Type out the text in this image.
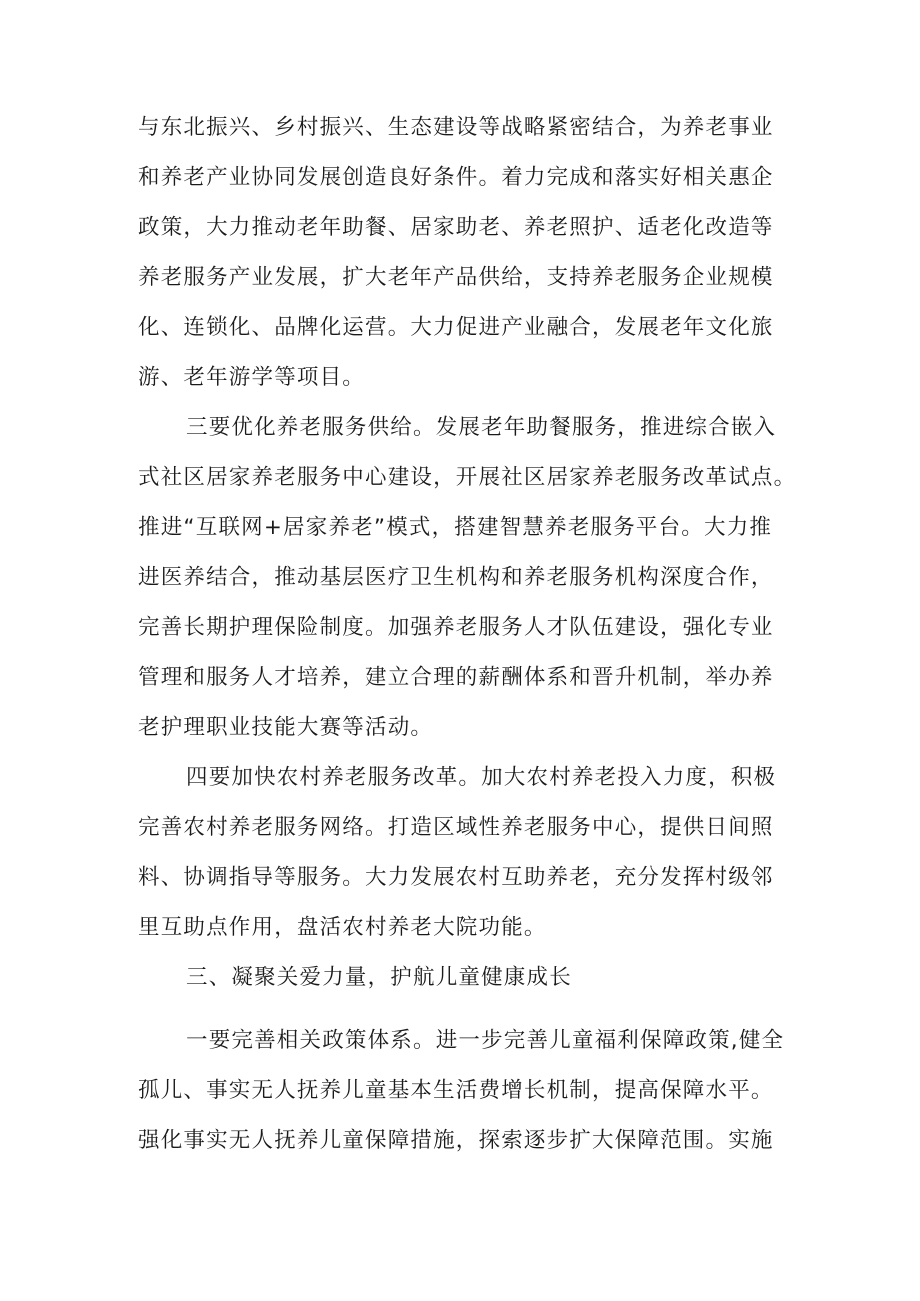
与东北振兴、乡村振兴、生态建设等战略紧密结合，为养老事业
和养老产业协同发展创造良好条件。着力完成和落实好相关惠企
政策，大力推动老年助餐、居家助老、养老照护、适老化改造等
养老服务产业发展，扩大老年产品供给，支持养老服务企业规模
化、连锁化、品牌化运营。大力促进产业融合，发展老年文化旅
游、老年游学等项目。
三要优化养老服务供给。发展老年助餐服务，推进综合嵌入
式社区居家养老服务中心建设，开展社区居家养老服务改革试点。
推进“互联网+居家养老”模式，搭建智慧养老服务平台。大力推
进医养结合，推动基层医疗卫生机构和养老服务机构深度合作，
完善长期护理保险制度。加强养老服务人才队伍建设，强化专业
管理和服务人才培养，建立合理的薪酬体系和晋升机制，举办养
老护理职业技能大赛等活动。
四要加快农村养老服务改革。加大农村养老投入力度，积极
完善农村养老服务网络。打造区域性养老服务中心，提供日间照
料、协调指导等服务。大力发展农村互助养老，充分发挥村级邻
里互助点作用，盘活农村养老大院功能。
三、凝聚关爱力量，护航儿童健康成长
一要完善相关政策体系。进一步完善儿童福利保障政策,健全
孤儿、事实无人抚养儿童基本生活费增长机制，提高保障水平。
强化事实无人抚养儿童保障措施，探索逐步扩大保障范围。实施
